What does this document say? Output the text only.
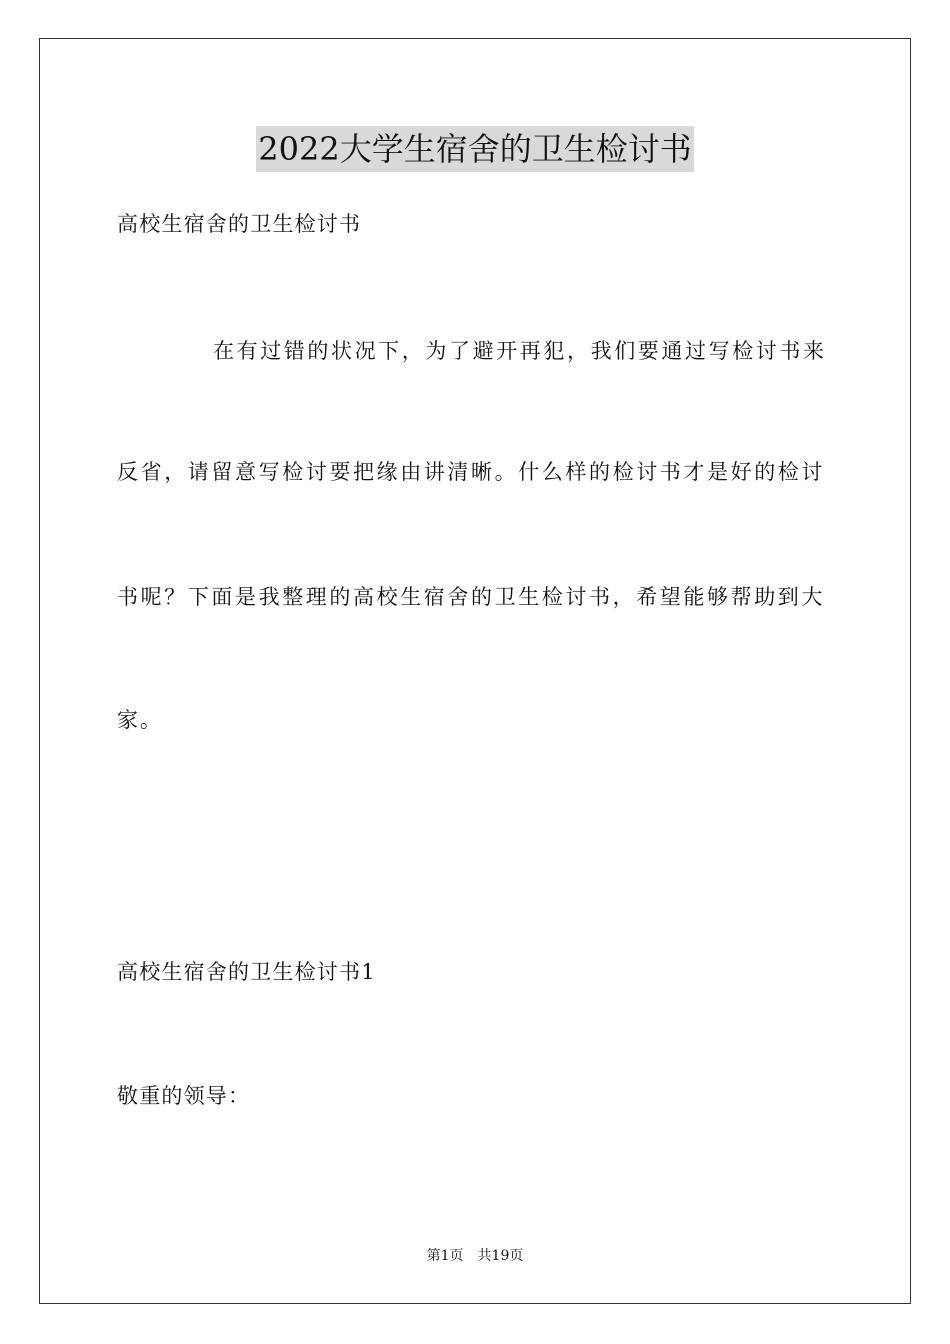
2022大学生宿舍的卫生检讨书
高校生宿舍的卫生检讨书
在有过错的状况下，为了避开再犯，我们要通过写检讨书来
反省，请留意写检讨要把缘由讲清晰。什么样的检讨书才是好的检讨
书呢？下面是我整理的高校生宿舍的卫生检讨书，希望能够帮助到大
家。
高校生宿舍的卫生检讨书1
敬重的领导：
第1页 共19页
